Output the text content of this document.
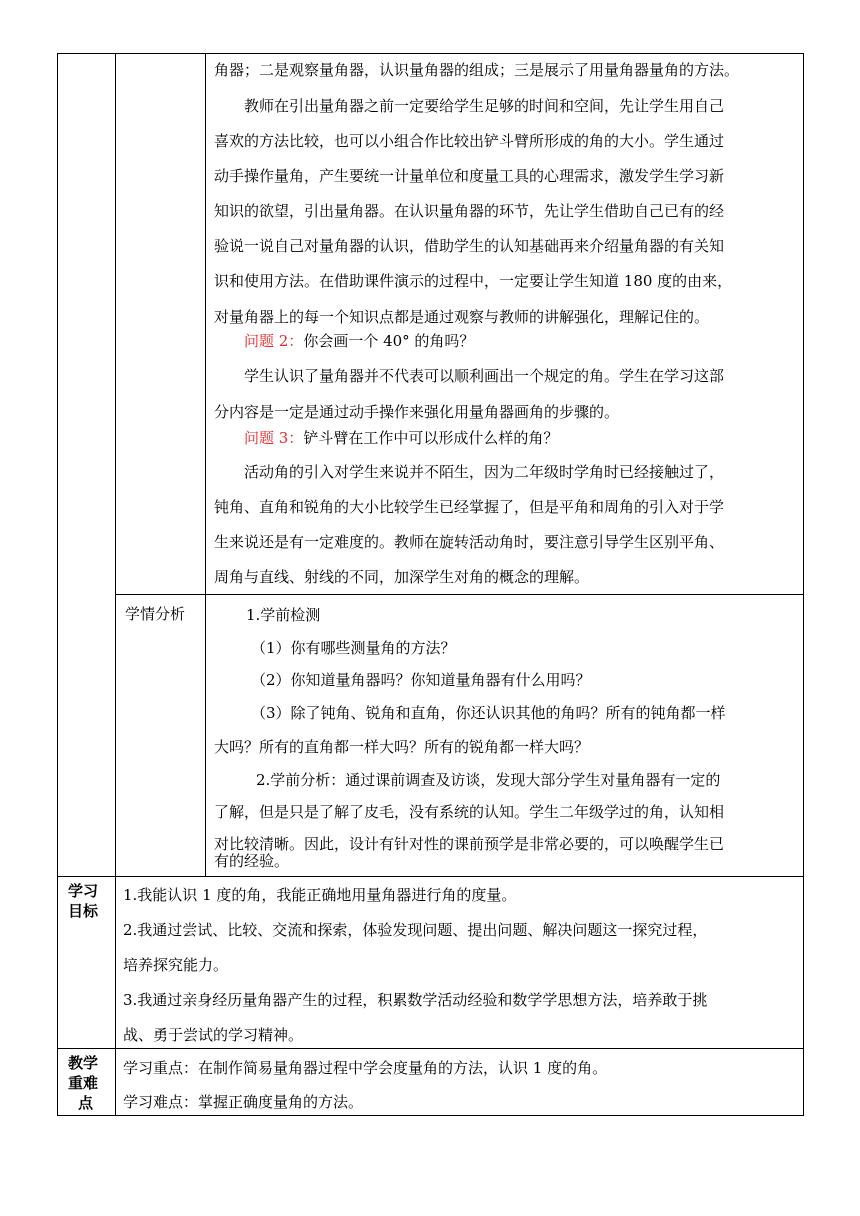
角器；二是观察量角器，认识量角器的组成；三是展示了用量角器量角的方法。
教师在引出量角器之前一定要给学生足够的时间和空间，先让学生用自己
喜欢的方法比较，也可以小组合作比较出铲斗臂所形成的角的大小。学生通过
动手操作量角，产生要统一计量单位和度量工具的心理需求，激发学生学习新
知识的欲望，引出量角器。在认识量角器的环节，先让学生借助自己已有的经
验说一说自己对量角器的认识，借助学生的认知基础再来介绍量角器的有关知
识和使用方法。在借助课件演示的过程中，一定要让学生知道 180 度的由来，
对量角器上的每一个知识点都是通过观察与教师的讲解强化，理解记住的。
问题 2：你会画一个 40° 的角吗？
学生认识了量角器并不代表可以顺利画出一个规定的角。学生在学习这部
分内容是一定是通过动手操作来强化用量角器画角的步骤的。
问题 3：铲斗臂在工作中可以形成什么样的角？
活动角的引入对学生来说并不陌生，因为二年级时学角时已经接触过了，
钝角、直角和锐角的大小比较学生已经掌握了，但是平角和周角的引入对于学
生来说还是有一定难度的。教师在旋转活动角时，要注意引导学生区别平角、
周角与直线、射线的不同，加深学生对角的概念的理解。
学情分析	1.学前检测
（1）你有哪些测量角的方法？
（2）你知道量角器吗？你知道量角器有什么用吗？
（3）除了钝角、锐角和直角，你还认识其他的角吗？所有的钝角都一样
大吗？所有的直角都一样大吗？所有的锐角都一样大吗？
2.学前分析：通过课前调查及访谈，发现大部分学生对量角器有一定的
了解，但是只是了解了皮毛，没有系统的认知。学生二年级学过的角，认知相
对比较清晰。因此，设计有针对性的课前预学是非常必要的，可以唤醒学生已
有的经验。
学习
目标
1.我能认识 1 度的角，我能正确地用量角器进行角的度量。
2.我通过尝试、比较、交流和探索，体验发现问题、提出问题、解决问题这一探究过程，
培养探究能力。
3.我通过亲身经历量角器产生的过程，积累数学活动经验和数学学思想方法，培养敢于挑
战、勇于尝试的学习精神。
教学
重难
点
学习重点：在制作简易量角器过程中学会度量角的方法，认识 1 度的角。
学习难点：掌握正确度量角的方法。
